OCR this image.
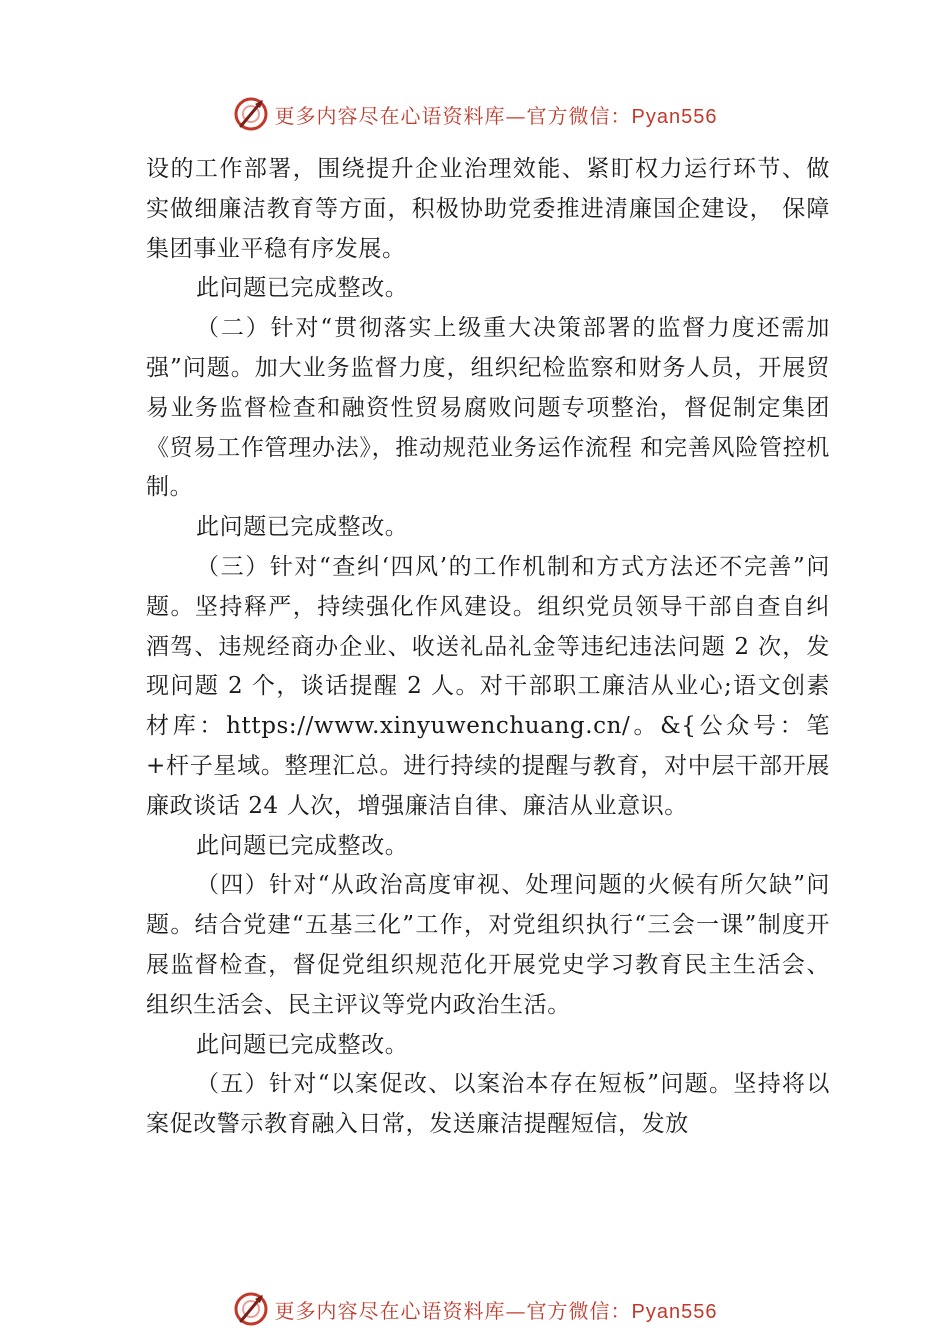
更多内容尽在心语资料库—官方微信：Pyan556

设的工作部署，围绕提升企业治理效能、紧盯权力运行环节、做实做细廉洁教育等方面，积极协助党委推进清廉国企建设， 保障集团事业平稳有序发展。

此问题已完成整改。

（二）针对“贯彻落实上级重大决策部署的监督力度还需加强”问题。加大业务监督力度，组织纪检监察和财务人员，开展贸易业务监督检查和融资性贸易腐败问题专项整治，督促制定集团《贸易工作管理办法》，推动规范业务运作流程 和完善风险管控机制。

此问题已完成整改。

（三）针对“查纠‘四风’的工作机制和方式方法还不完善”问题。坚持释严，持续强化作风建设。组织党员领导干部自查自纠酒驾、违规经商办企业、收送礼品礼金等违纪违法问题 2 次，发现问题 2 个，谈话提醒 2 人。对干部职工廉洁从业心;语文创素材库：https://www.xinyuwenchuang.cn/。&{公众号：笔+杆子星域。整理汇总。进行持续的提醒与教育，对中层干部开展廉政谈话 24 人次，增强廉洁自律、廉洁从业意识。

此问题已完成整改。

（四）针对“从政治高度审视、处理问题的火候有所欠缺”问题。结合党建“五基三化”工作，对党组织执行“三会一课”制度开展监督检查，督促党组织规范化开展党史学习教育民主生活会、组织生活会、民主评议等党内政治生活。

此问题已完成整改。

（五）针对“以案促改、以案治本存在短板”问题。坚持将以案促改警示教育融入日常，发送廉洁提醒短信，发放

更多内容尽在心语资料库—官方微信：Pyan556
